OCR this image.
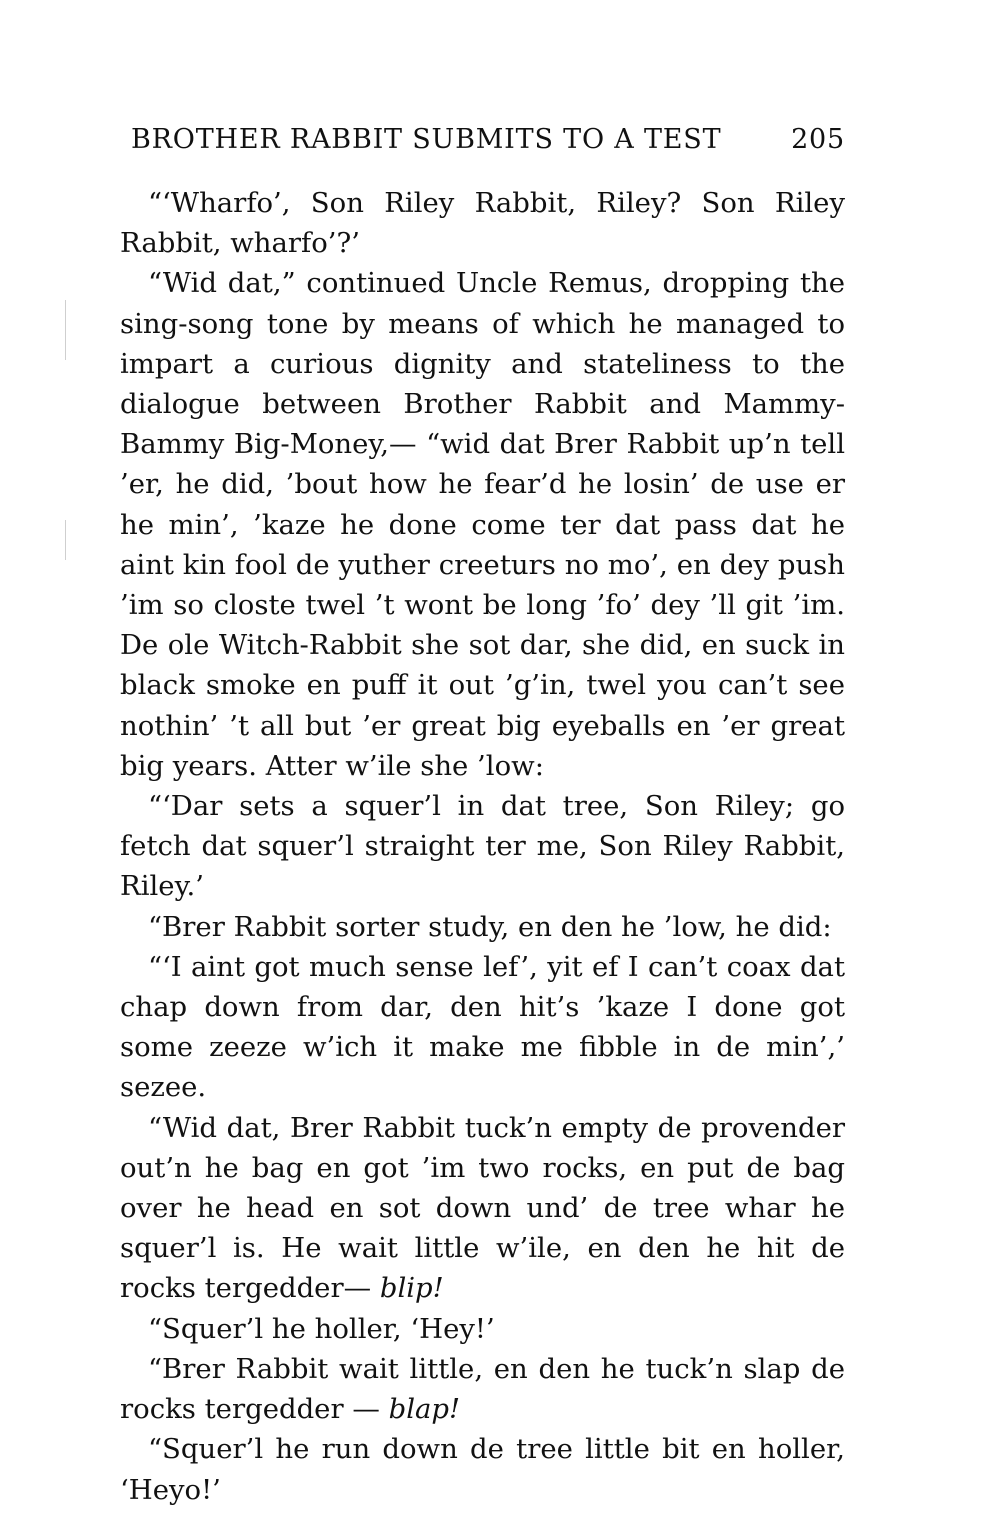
BROTHER RABBIT SUBMITS TO A TEST	205

“‘Wharfo’, Son Riley Rabbit, Riley? Son Riley Rabbit, wharfo’?’

“Wid dat,” continued Uncle Remus, dropping the sing-song tone by means of which he managed to impart a curious dignity and stateliness to the dialogue between Brother Rabbit and Mammy-Bammy Big-Money,— “wid dat Brer Rabbit up’n tell ’er, he did, ’bout how he fear’d he losin’ de use er he min’, ’kaze he done come ter dat pass dat he aint kin fool de yuther creeturs no mo’, en dey push ’im so closte twel ’t wont be long ’fo’ dey ’ll git ’im. De ole Witch-Rabbit she sot dar, she did, en suck in black smoke en puff it out ’g’in, twel you can’t see nothin’ ’t all but ’er great big eyeballs en ’er great big years. Atter w’ile she ’low:

“‘Dar sets a squer’l in dat tree, Son Riley; go fetch dat squer’l straight ter me, Son Riley Rabbit, Riley.’

“Brer Rabbit sorter study, en den he ’low, he did:

“‘I aint got much sense lef’, yit ef I can’t coax dat chap down from dar, den hit’s ’kaze I done got some zeeze w’ich it make me fibble in de min’,’ sezee.

“Wid dat, Brer Rabbit tuck’n empty de provender out’n he bag en got ’im two rocks, en put de bag over he head en sot down und’ de tree whar he squer’l is. He wait little w’ile, en den he hit de rocks tergedder— blip!

“Squer’l he holler, ‘Hey!’

“Brer Rabbit wait little, en den he tuck’n slap de rocks tergedder — blap!

“Squer’l he run down de tree little bit en holler, ‘Heyo!’
